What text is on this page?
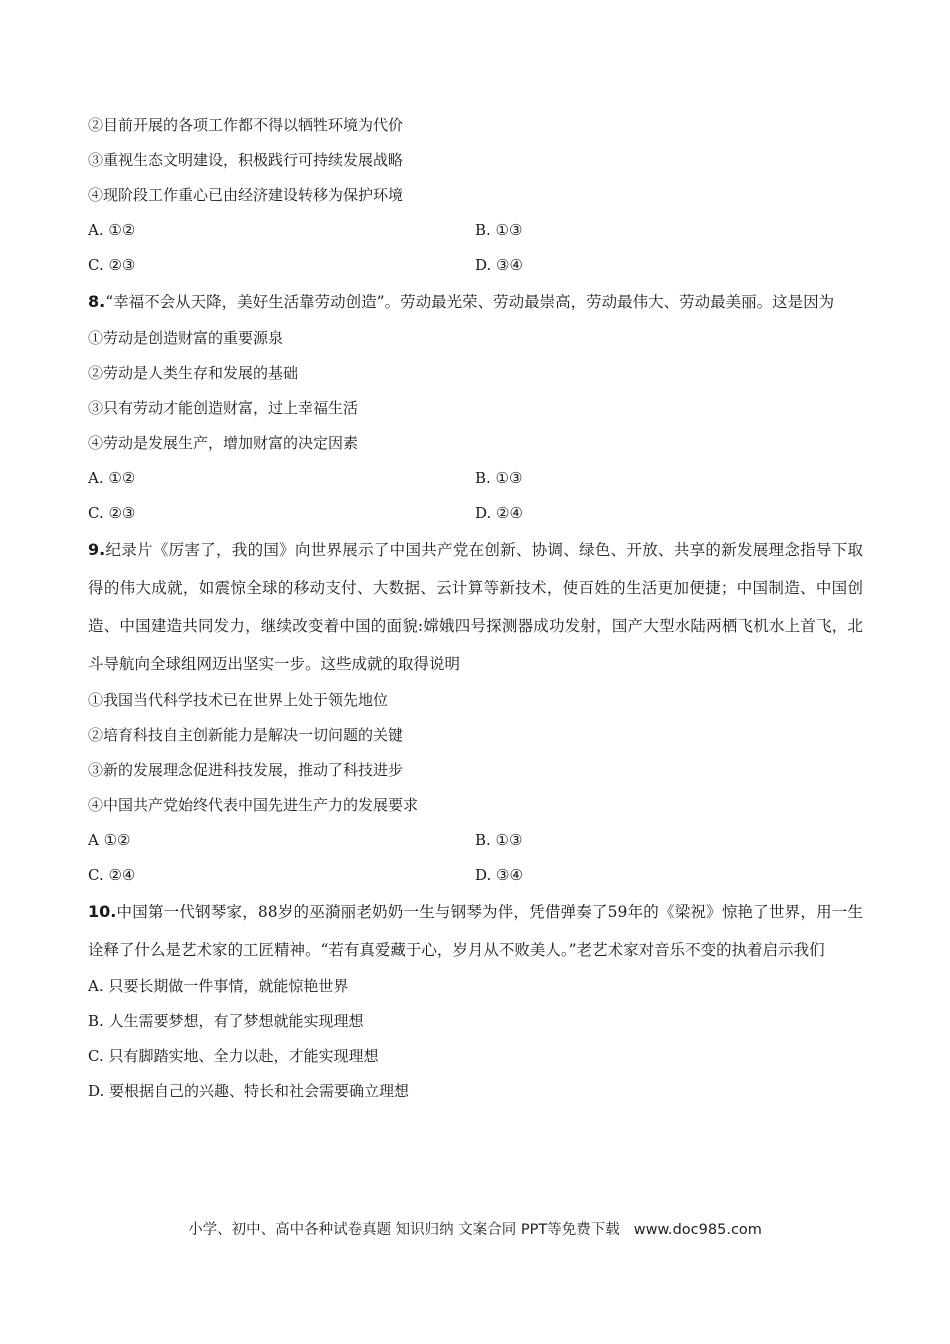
②目前开展的各项工作都不得以牺牲环境为代价
③重视生态文明建设，积极践行可持续发展战略
④现阶段工作重心已由经济建设转移为保护环境
A. ①②	B. ①③
C. ②③	D. ③④
8.“幸福不会从天降，美好生活靠劳动创造”。劳动最光荣、劳动最崇高，劳动最伟大、劳动最美丽。这是因为
①劳动是创造财富的重要源泉
②劳动是人类生存和发展的基础
③只有劳动才能创造财富，过上幸福生活
④劳动是发展生产，增加财富的决定因素
A. ①②	B. ①③
C. ②③	D. ②④
9.纪录片《厉害了，我的国》向世界展示了中国共产党在创新、协调、绿色、开放、共享的新发展理念指导下取得的伟大成就，如震惊全球的移动支付、大数据、云计算等新技术，使百姓的生活更加便捷；中国制造、中国创造、中国建造共同发力，继续改变着中国的面貌:嫦娥四号探测器成功发射，国产大型水陆两栖飞机水上首飞，北斗导航向全球组网迈出坚实一步。这些成就的取得说明
①我国当代科学技术已在世界上处于领先地位
②培育科技自主创新能力是解决一切问题的关键
③新的发展理念促进科技发展，推动了科技进步
④中国共产党始终代表中国先进生产力的发展要求
A ①②	B. ①③
C. ②④	D. ③④
10.中国第一代钢琴家，88岁的巫漪丽老奶奶一生与钢琴为伴，凭借弹奏了59年的《梁祝》惊艳了世界，用一生诠释了什么是艺术家的工匠精神。“若有真爱藏于心，岁月从不败美人。”老艺术家对音乐不变的执着启示我们
A. 只要长期做一件事情，就能惊艳世界
B. 人生需要梦想，有了梦想就能实现理想
C. 只有脚踏实地、全力以赴，才能实现理想
D. 要根据自己的兴趣、特长和社会需要确立理想
小学、初中、高中各种试卷真题 知识归纳 文案合同 PPT等免费下载 www.doc985.com
